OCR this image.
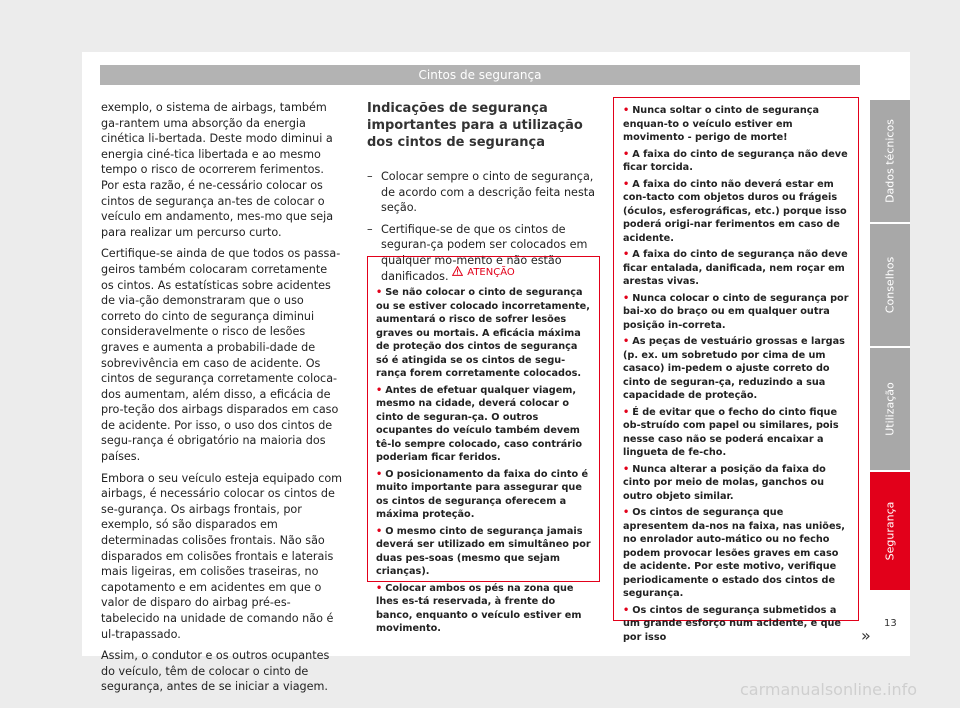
Cintos de segurança

exemplo, o sistema de airbags, também ga-rantem uma absorção da energia cinética li-bertada. Deste modo diminui a energia ciné-tica libertada e ao mesmo tempo o risco de ocorrerem ferimentos. Por esta razão, é ne-cessário colocar os cintos de segurança an-tes de colocar o veículo em andamento, mes-mo que seja para realizar um percurso curto.

Certifique-se ainda de que todos os passa-geiros também colocaram corretamente os cintos. As estatísticas sobre acidentes de via-ção demonstraram que o uso correto do cinto de segurança diminui consideravelmente o risco de lesões graves e aumenta a probabili-dade de sobrevivência em caso de acidente. Os cintos de segurança corretamente coloca-dos aumentam, além disso, a eficácia de pro-teção dos airbags disparados em caso de acidente. Por isso, o uso dos cintos de segu-rança é obrigatório na maioria dos países.

Embora o seu veículo esteja equipado com airbags, é necessário colocar os cintos de se-gurança. Os airbags frontais, por exemplo, só são disparados em determinadas colisões frontais. Não são disparados em colisões frontais e laterais mais ligeiras, em colisões traseiras, no capotamento e em acidentes em que o valor de disparo do airbag pré-es-tabelecido na unidade de comando não é ul-trapassado.

Assim, o condutor e os outros ocupantes do veículo, têm de colocar o cinto de segurança, antes de se iniciar a viagem.

Indicações de segurança importantes para a utilização dos cintos de segurança
– Colocar sempre o cinto de segurança, de acordo com a descrição feita nesta seção.
– Certifique-se de que os cintos de seguran-ça podem ser colocados em qualquer mo-mento e não estão danificados.	ATENÇÃO

• Se não colocar o cinto de segurança ou se estiver colocado incorretamente, aumentará o risco de sofrer lesões graves ou mortais. A eficácia máxima de proteção dos cintos de segurança só é atingida se os cintos de segu-rança forem corretamente colocados.

• Antes de efetuar qualquer viagem, mesmo na cidade, deverá colocar o cinto de seguran-ça. O outros ocupantes do veículo também devem tê-lo sempre colocado, caso contrário poderiam ficar feridos.

• O posicionamento da faixa do cinto é muito importante para assegurar que os cintos de segurança oferecem a máxima proteção.

• O mesmo cinto de segurança jamais deverá ser utilizado em simultâneo por duas pes-soas (mesmo que sejam crianças).

• Colocar ambos os pés na zona que lhes es-tá reservada, à frente do banco, enquanto o veículo estiver em movimento.

• Nunca soltar o cinto de segurança enquan-to o veículo estiver em movimento - perigo de morte!

• A faixa do cinto de segurança não deve ficar torcida.

• A faixa do cinto não deverá estar em con-tacto com objetos duros ou frágeis (óculos, esferográficas, etc.) porque isso poderá origi-nar ferimentos em caso de acidente.

• A faixa do cinto de segurança não deve ficar entalada, danificada, nem roçar em arestas vivas.

• Nunca colocar o cinto de segurança por bai-xo do braço ou em qualquer outra posição in-correta.

• As peças de vestuário grossas e largas (p. ex. um sobretudo por cima de um casaco) im-pedem o ajuste correto do cinto de seguran-ça, reduzindo a sua capacidade de proteção.

• É de evitar que o fecho do cinto fique ob-struído com papel ou similares, pois nesse caso não se poderá encaixar a lingueta de fe-cho.

• Nunca alterar a posição da faixa do cinto por meio de molas, ganchos ou outro objeto similar.

• Os cintos de segurança que apresentem da-nos na faixa, nas uniões, no enrolador auto-mático ou no fecho podem provocar lesões graves em caso de acidente. Por este motivo, verifique periodicamente o estado dos cintos de segurança.

• Os cintos de segurança submetidos a um grande esforço num acidente, e que por isso	»
Dados técnicos
Conselhos
Utilização
Segurança
13
carmanualsonline.info
